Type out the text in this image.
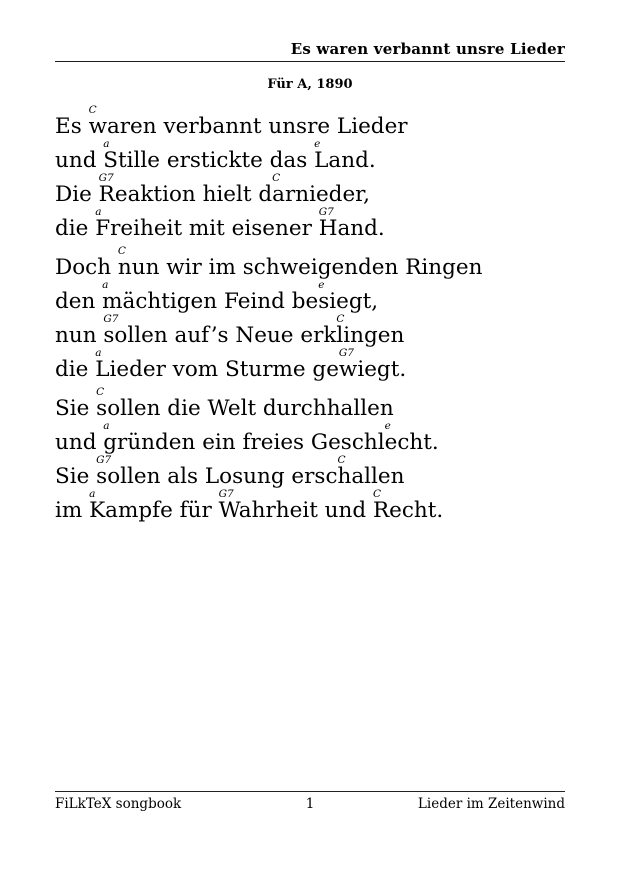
Es waren verbannt unsre Lieder
Für A, 1890
Es
C
waren verbannt unsre Lieder
und
a
Stille erstickte das
e
Land.
Die
G7
Reaktion hielt d
C
arnieder,
die
a
Freiheit mit eisener
G7
Hand.
Doch
C
nun wir im schweigenden Ringen
den
a
mächtigen Feind be
e
siegt,
nun
G7
sollen auf’s Neue erk
C
lingen
die
a
Lieder vom Sturme ge
G7
wiegt.
Sie
C
sollen die Welt durchhallen
und
a
gründen ein freies Geschl
e
echt.
Sie
G7
sollen als Losung ersc
C
hallen
im
a
Kampfe für
G7
Wahrheit und
C
Recht.
FiLkTeX songbook	1	Lieder im Zeitenwind
